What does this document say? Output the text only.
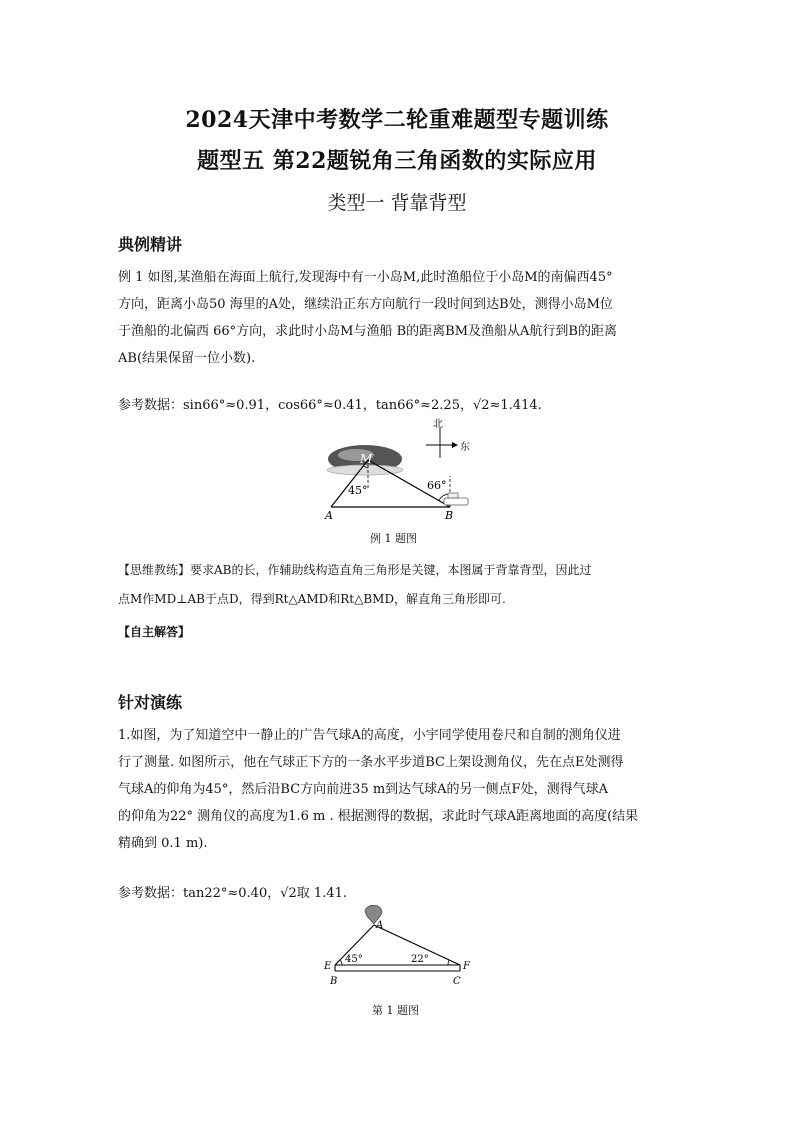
2024天津中考数学二轮重难题型专题训练
题型五 第22题锐角三角函数的实际应用
类型一 背靠背型
典例精讲

例 1 如图,某渔船在海面上航行,发现海中有一小岛M,此时渔船位于小岛M的南偏西45°

方向，距离小岛50 海里的A处，继续沿正东方向航行一段时间到达B处，测得小岛M位

于渔船的北偏西 66°方向，求此时小岛M与渔船 B的距离BM及渔船从A航行到B的距离

AB(结果保留一位小数).

参考数据：sin66°≈0.91，cos66°≈0.41，tan66°≈2.25，√2≈1.414.

M
A	B
45°	66°
北
东
例 1 题图

【思维教练】要求AB的长，作辅助线构造直角三角形是关键，本图属于背靠背型，因此过

点M作MD⊥AB于点D，得到Rt△AMD和Rt△BMD，解直角三角形即可.

【自主解答】
针对演练

1.如图，为了知道空中一静止的广告气球A的高度，小宇同学使用卷尺和自制的测角仪进

行了测量. 如图所示，他在气球正下方的一条水平步道BC上架设测角仪，先在点E处测得

气球A的仰角为45°，然后沿BC方向前进35 m到达气球A的另一侧点F处，测得气球A

的仰角为22° 测角仪的高度为1.6 m . 根据测得的数据，求此时气球A距离地面的高度(结果

精确到 0.1 m).

参考数据：tan22°≈0.40，√2取 1.41.

A
E	F
B	C
45°	22°
第 1 题图
